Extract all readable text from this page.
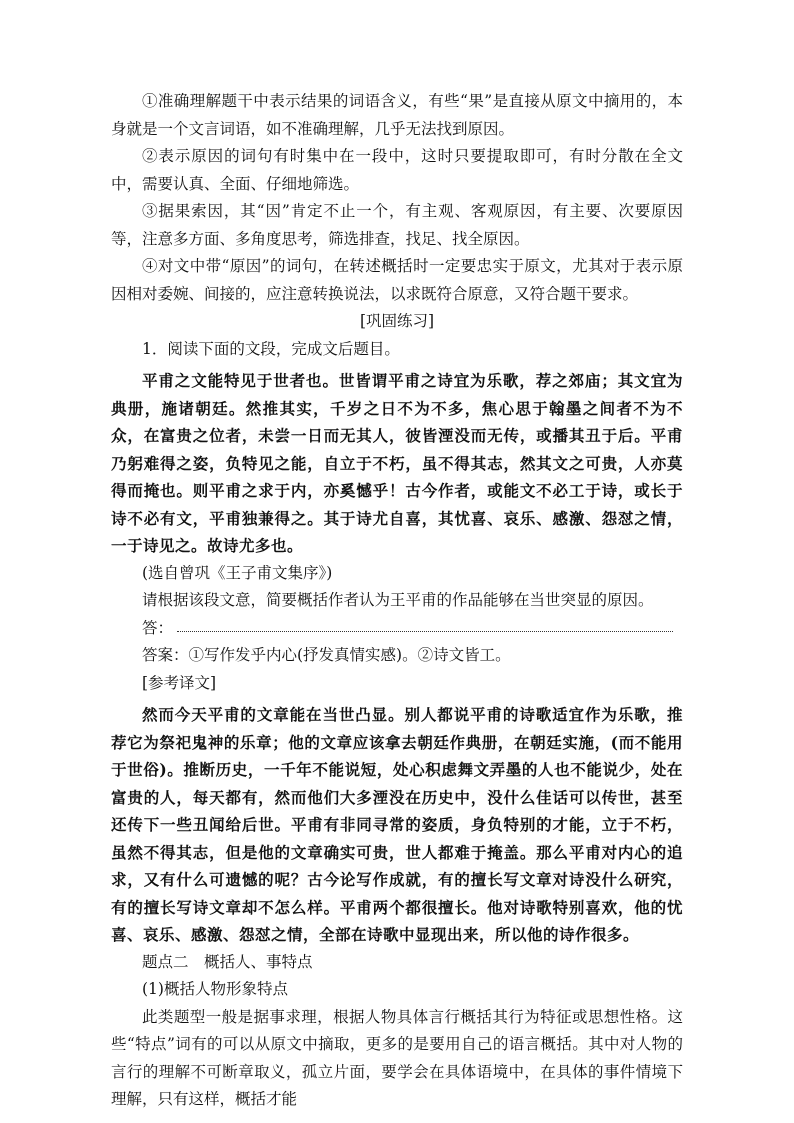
①准确理解题干中表示结果的词语含义，有些“果”是直接从原文中摘用的，本身就是一个文言词语，如不准确理解，几乎无法找到原因。

②表示原因的词句有时集中在一段中，这时只要提取即可，有时分散在全文中，需要认真、全面、仔细地筛选。

③据果索因，其“因”肯定不止一个，有主观、客观原因，有主要、次要原因等，注意多方面、多角度思考，筛选排查，找足、找全原因。

④对文中带“原因”的词句，在转述概括时一定要忠实于原文，尤其对于表示原因相对委婉、间接的，应注意转换说法，以求既符合原意，又符合题干要求。

[巩固练习]

1．阅读下面的文段，完成文后题目。

平甫之文能特见于世者也。世皆谓平甫之诗宜为乐歌，荐之郊庙；其文宜为典册，施诸朝廷。然推其实，千岁之日不为不多，焦心思于翰墨之间者不为不众，在富贵之位者，未尝一日而无其人，彼皆湮没而无传，或播其丑于后。平甫乃躬难得之姿，负特见之能，自立于不朽，虽不得其志，然其文之可贵，人亦莫得而掩也。则平甫之求于内，亦奚憾乎！古今作者，或能文不必工于诗，或长于诗不必有文，平甫独兼得之。其于诗尤自喜，其忧喜、哀乐、感激、怨怼之情，一于诗见之。故诗尤多也。

(选自曾巩《王子甫文集序》)

请根据该段文意，简要概括作者认为王平甫的作品能够在当世突显的原因。

答：

答案：①写作发乎内心(抒发真情实感)。②诗文皆工。

[参考译文]

然而今天平甫的文章能在当世凸显。别人都说平甫的诗歌适宜作为乐歌，推荐它为祭祀鬼神的乐章；他的文章应该拿去朝廷作典册，在朝廷实施，(而不能用于世俗)。推断历史，一千年不能说短，处心积虑舞文弄墨的人也不能说少，处在富贵的人，每天都有，然而他们大多湮没在历史中，没什么佳话可以传世，甚至还传下一些丑闻给后世。平甫有非同寻常的姿质，身负特别的才能，立于不朽，虽然不得其志，但是他的文章确实可贵，世人都难于掩盖。那么平甫对内心的追求，又有什么可遗憾的呢？古今论写作成就，有的擅长写文章对诗没什么研究，有的擅长写诗文章却不怎么样。平甫两个都很擅长。他对诗歌特别喜欢，他的忧喜、哀乐、感激、怨怼之情，全部在诗歌中显现出来，所以他的诗作很多。

题点二　概括人、事特点

(1)概括人物形象特点

此类题型一般是据事求理，根据人物具体言行概括其行为特征或思想性格。这些“特点”词有的可以从原文中摘取，更多的是要用自己的语言概括。其中对人物的言行的理解不可断章取义，孤立片面，要学会在具体语境中，在具体的事件情境下理解，只有这样，概括才能
